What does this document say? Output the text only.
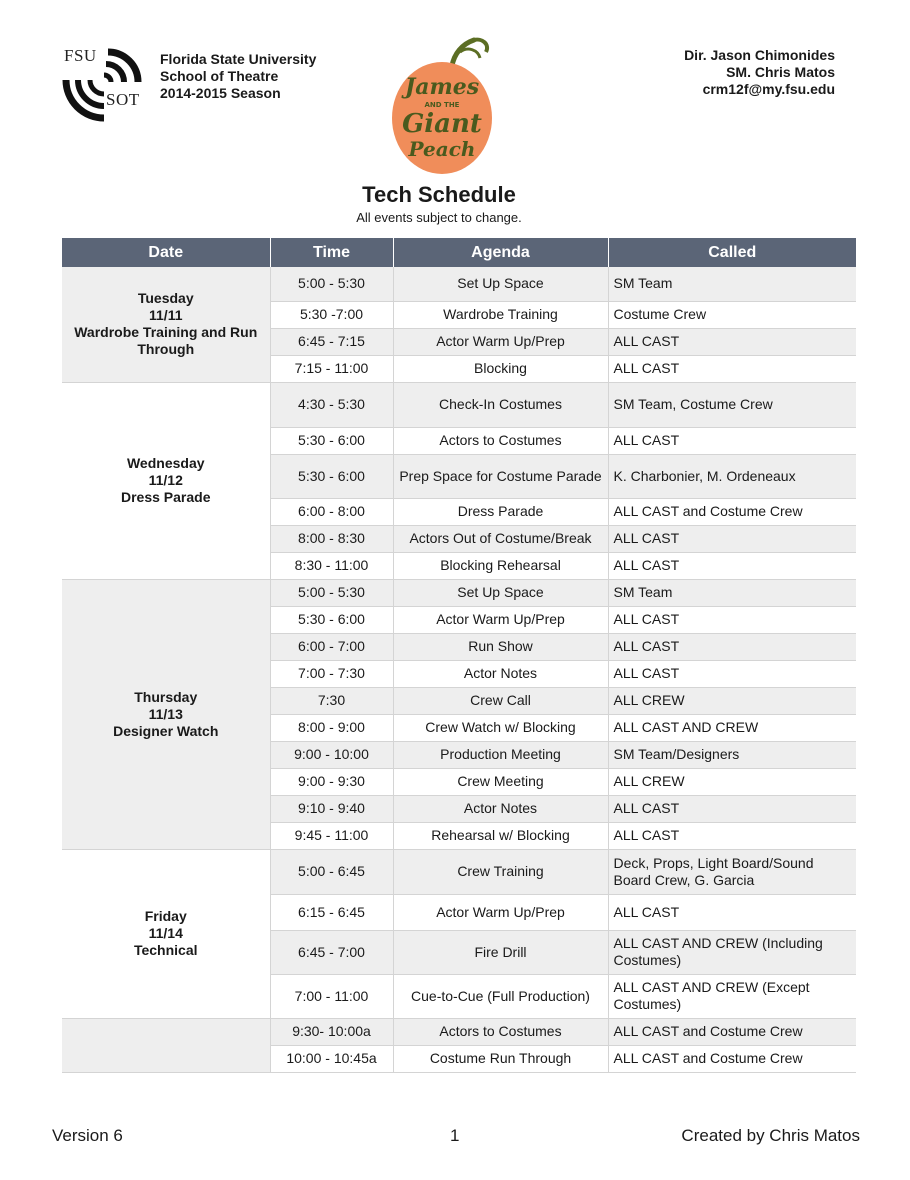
FSU
SOT
Florida State University
School of Theatre
2014-2015 Season	James
AND THE
Giant
Peach
Dir. Jason Chimonides
SM. Chris Matos
crm12f@my.fsu.edu
Tech Schedule
All events subject to change.
Date	Time	Agenda	Called

Tuesday
11/11
Wardrobe Training and Run Through	5:00 - 5:30	Set Up Space	SM Team
	5:30 -7:00	Wardrobe Training	Costume Crew
	6:45 - 7:15	Actor Warm Up/Prep	ALL CAST
	7:15 - 11:00	Blocking	ALL CAST

Wednesday
11/12
Dress Parade	4:30 - 5:30	Check-In Costumes	SM Team, Costume Crew
	5:30 - 6:00	Actors to Costumes	ALL CAST
	5:30 - 6:00	Prep Space for Costume Parade	K. Charbonier, M. Ordeneaux
	6:00 - 8:00	Dress Parade	ALL CAST and Costume Crew
	8:00 - 8:30	Actors Out of Costume/Break	ALL CAST
	8:30 - 11:00	Blocking Rehearsal	ALL CAST

Thursday
11/13
Designer Watch	5:00 - 5:30	Set Up Space	SM Team
	5:30 - 6:00	Actor Warm Up/Prep	ALL CAST
	6:00 - 7:00	Run Show	ALL CAST
	7:00 - 7:30	Actor Notes	ALL CAST
	7:30	Crew Call	ALL CREW
	8:00 - 9:00	Crew Watch w/ Blocking	ALL CAST AND CREW
	9:00 - 10:00	Production Meeting	SM Team/Designers
	9:00 - 9:30	Crew Meeting	ALL CREW
	9:10 - 9:40	Actor Notes	ALL CAST
	9:45 - 11:00	Rehearsal w/ Blocking	ALL CAST

Friday
11/14
Technical	5:00 - 6:45	Crew Training	Deck, Props, Light Board/Sound Board Crew, G. Garcia
	6:15 - 6:45	Actor Warm Up/Prep	ALL CAST
	6:45 - 7:00	Fire Drill	ALL CAST AND CREW (Including Costumes)
	7:00 - 11:00	Cue-to-Cue (Full Production)	ALL CAST AND CREW (Except Costumes)
	9:30- 10:00a	Actors to Costumes	ALL CAST and Costume Crew
	10:00 - 10:45a	Costume Run Through	ALL CAST and Costume Crew
Version 6	1	Created by Chris Matos
